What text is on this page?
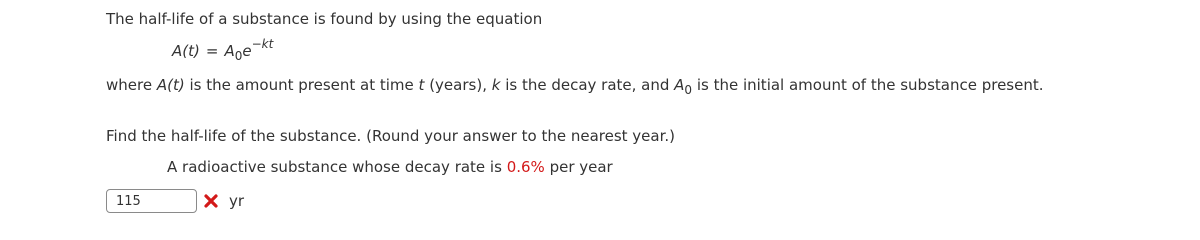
The half-life of a substance is found by using the equation
$A(t) = A_0e^{-kt}$
where A(t) is the amount present at time t (years), k is the decay rate, and $A_0$ is the initial amount of the substance present.
Find the half-life of the substance. (Round your answer to the nearest year.)
A radioactive substance whose decay rate is 0.6% per year
115
yr
